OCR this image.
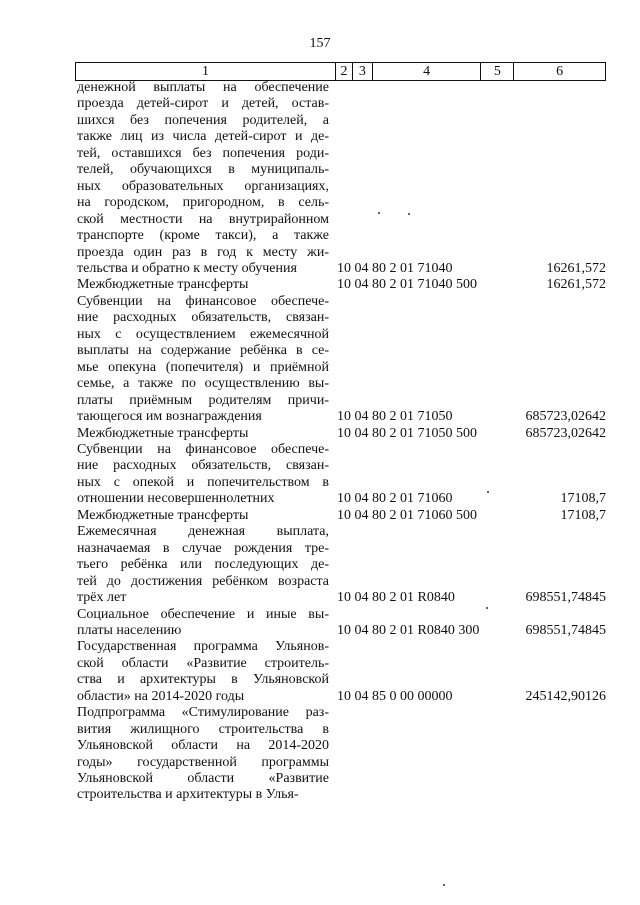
157
1	2 3	4	5	6
денежной выплаты на обеспечение
проезда детей-сирот и детей, остав-
шихся без попечения родителей, а
также лиц из числа детей-сирот и де-
тей, оставшихся без попечения роди-
телей, обучающихся в муниципаль-
ных образовательных организациях,
на городском, пригородном, в сель-
ской местности на внутрирайонном
транспорте (кроме такси), а также
проезда один раз в год к месту жи-
тельства и обратно к месту обучения	10 04 80 2 01 71040	16261,572
Межбюджетные трансферты	10 04 80 2 01 71040 500	16261,572
Субвенции на финансовое обеспече-
ние расходных обязательств, связан-
ных с осуществлением ежемесячной
выплаты на содержание ребёнка в се-
мье опекуна (попечителя) и приёмной
семье, а также по осуществлению вы-
платы приёмным родителям причи-
тающегося им вознаграждения	10 04 80 2 01 71050	685723,02642
Межбюджетные трансферты	10 04 80 2 01 71050 500	685723,02642
Субвенции на финансовое обеспече-
ние расходных обязательств, связан-
ных с опекой и попечительством в
отношении несовершеннолетних	10 04 80 2 01 71060	17108,7
Межбюджетные трансферты	10 04 80 2 01 71060 500	17108,7
Ежемесячная денежная выплата,
назначаемая в случае рождения тре-
тьего ребёнка или последующих де-
тей до достижения ребёнком возраста
трёх лет	10 04 80 2 01 R0840	698551,74845
Социальное обеспечение и иные вы-
платы населению	10 04 80 2 01 R0840 300	698551,74845
Государственная программа Ульянов-
ской области «Развитие строитель-
ства и архитектуры в Ульяновской
области» на 2014-2020 годы	10 04 85 0 00 00000	245142,90126
Подпрограмма «Стимулирование раз-
вития жилищного строительства в
Ульяновской области на 2014-2020
годы» государственной программы
Ульяновской области «Развитие
строительства и архитектуры в Улья-
